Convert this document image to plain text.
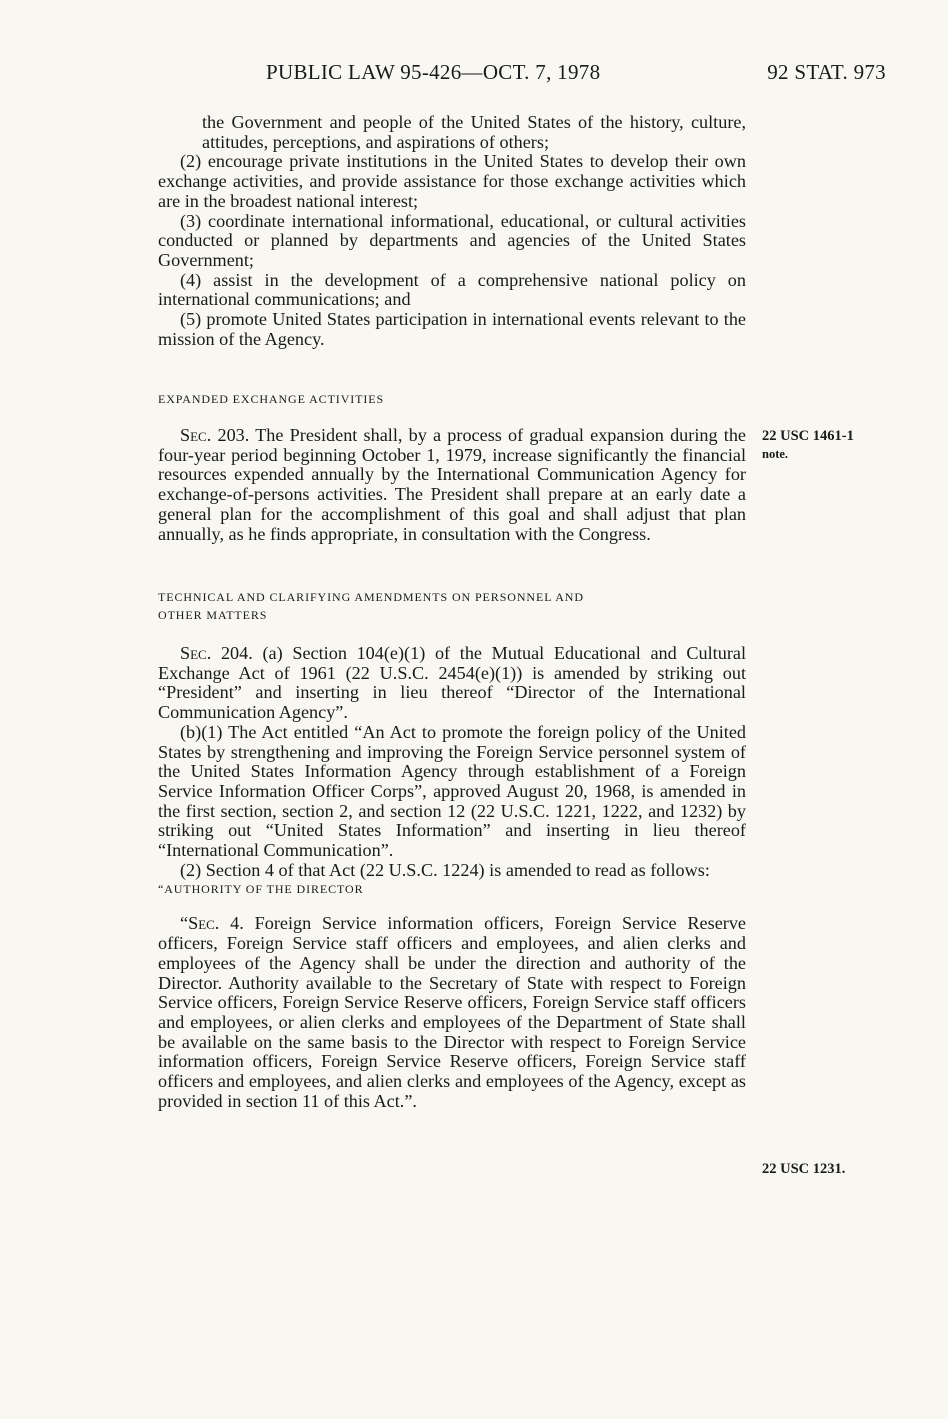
PUBLIC LAW 95-426—OCT. 7, 1978	92 STAT. 973

the Government and people of the United States of the history, culture, attitudes, perceptions, and aspirations of others;

(2) encourage private institutions in the United States to develop their own exchange activities, and provide assistance for those exchange activities which are in the broadest national interest;

(3) coordinate international informational, educational, or cultural activities conducted or planned by departments and agencies of the United States Government;

(4) assist in the development of a comprehensive national policy on international communications; and

(5) promote United States participation in international events relevant to the mission of the Agency.

EXPANDED EXCHANGE ACTIVITIES

Sec. 203. The President shall, by a process of gradual expansion during the four-year period beginning October 1, 1979, increase significantly the financial resources expended annually by the International Communication Agency for exchange-of-persons activities. The President shall prepare at an early date a general plan for the accomplishment of this goal and shall adjust that plan annually, as he finds appropriate, in consultation with the Congress.

22 USC 1461-1
note.

TECHNICAL AND CLARIFYING AMENDMENTS ON PERSONNEL AND

OTHER MATTERS

Sec. 204. (a) Section 104(e)(1) of the Mutual Educational and Cultural Exchange Act of 1961 (22 U.S.C. 2454(e)(1)) is amended by striking out “President” and inserting in lieu thereof “Director of the International Communication Agency”.

(b)(1) The Act entitled “An Act to promote the foreign policy of the United States by strengthening and improving the Foreign Service personnel system of the United States Information Agency through establishment of a Foreign Service Information Officer Corps”, approved August 20, 1968, is amended in the first section, section 2, and section 12 (22 U.S.C. 1221, 1222, and 1232) by striking out “United States Information” and inserting in lieu thereof “International Communication”.

(2) Section 4 of that Act (22 U.S.C. 1224) is amended to read as follows:

“AUTHORITY OF THE DIRECTOR

“Sec. 4. Foreign Service information officers, Foreign Service Reserve officers, Foreign Service staff officers and employees, and alien clerks and employees of the Agency shall be under the direction and authority of the Director. Authority available to the Secretary of State with respect to Foreign Service officers, Foreign Service Reserve officers, Foreign Service staff officers and employees, or alien clerks and employees of the Department of State shall be available on the same basis to the Director with respect to Foreign Service information officers, Foreign Service Reserve officers, Foreign Service staff officers and employees, and alien clerks and employees of the Agency, except as provided in section 11 of this Act.”.

22 USC 1231.
